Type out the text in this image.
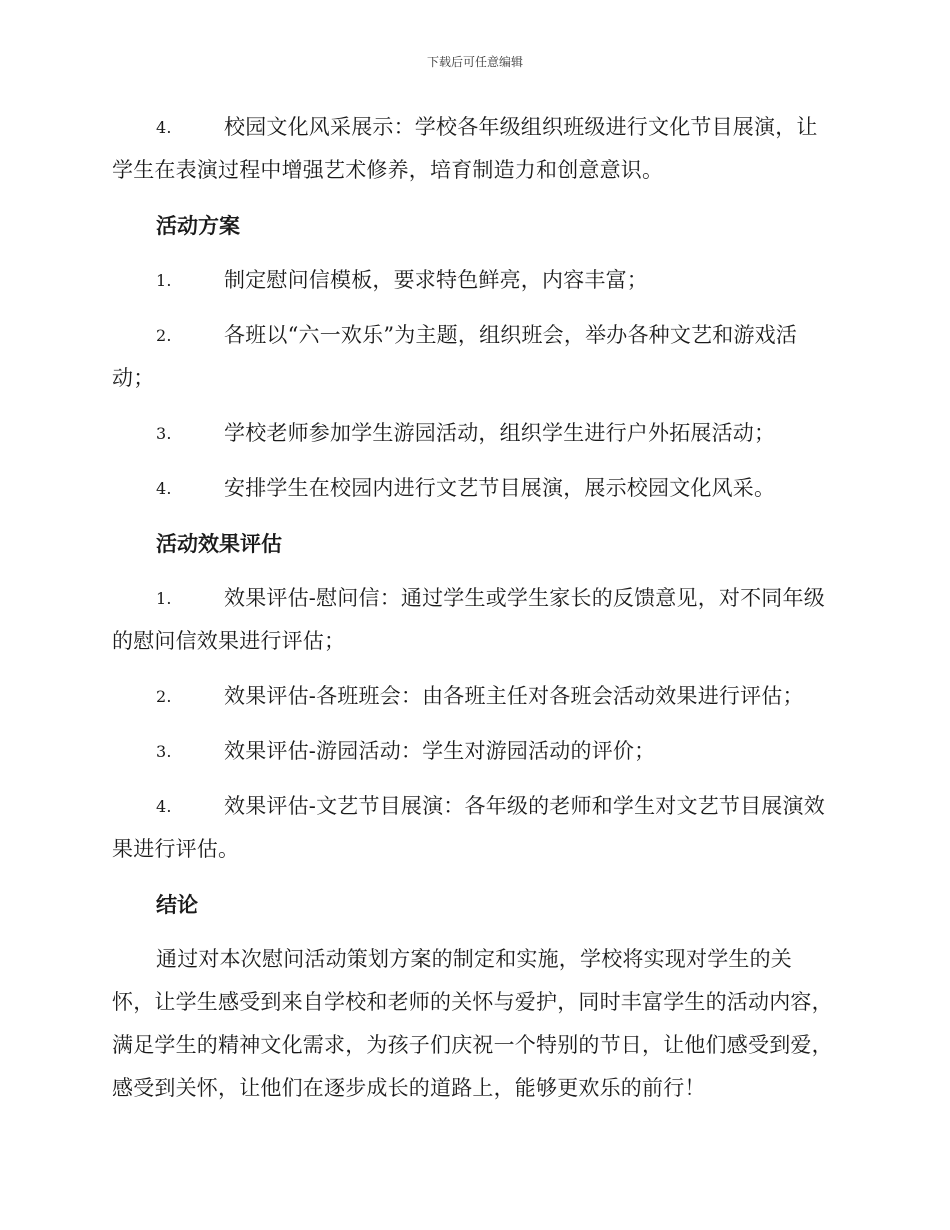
下载后可任意编辑
4. 校园文化风采展示：学校各年级组织班级进行文化节目展演，让学生在表演过程中增强艺术修养，培育制造力和创意意识。
活动方案
1. 制定慰问信模板，要求特色鲜亮，内容丰富；
2. 各班以“六一欢乐”为主题，组织班会，举办各种文艺和游戏活动；
3. 学校老师参加学生游园活动，组织学生进行户外拓展活动；
4. 安排学生在校园内进行文艺节目展演，展示校园文化风采。
活动效果评估
1. 效果评估-慰问信：通过学生或学生家长的反馈意见，对不同年级的慰问信效果进行评估；
2. 效果评估-各班班会：由各班主任对各班会活动效果进行评估；
3. 效果评估-游园活动：学生对游园活动的评价；
4. 效果评估-文艺节目展演：各年级的老师和学生对文艺节目展演效果进行评估。
结论
通过对本次慰问活动策划方案的制定和实施，学校将实现对学生的关怀，让学生感受到来自学校和老师的关怀与爱护，同时丰富学生的活动内容，满足学生的精神文化需求，为孩子们庆祝一个特别的节日，让他们感受到爱，感受到关怀，让他们在逐步成长的道路上，能够更欢乐的前行！
